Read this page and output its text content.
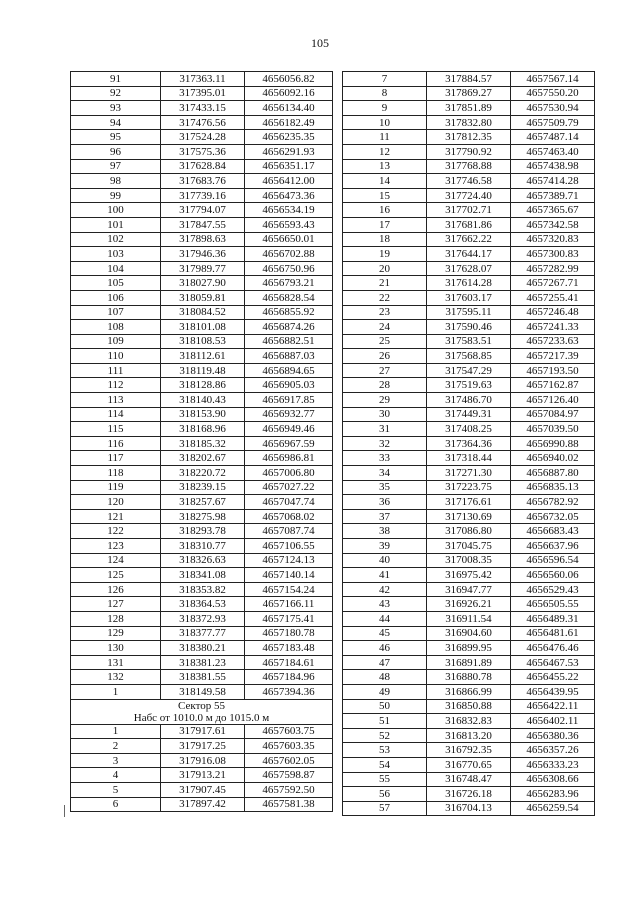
105
91	317363.11	4656056.82
92	317395.01	4656092.16
93	317433.15	4656134.40
94	317476.56	4656182.49
95	317524.28	4656235.35
96	317575.36	4656291.93
97	317628.84	4656351.17
98	317683.76	4656412.00
99	317739.16	4656473.36
100	317794.07	4656534.19
101	317847.55	4656593.43
102	317898.63	4656650.01
103	317946.36	4656702.88
104	317989.77	4656750.96
105	318027.90	4656793.21
106	318059.81	4656828.54
107	318084.52	4656855.92
108	318101.08	4656874.26
109	318108.53	4656882.51
110	318112.61	4656887.03
111	318119.48	4656894.65
112	318128.86	4656905.03
113	318140.43	4656917.85
114	318153.90	4656932.77
115	318168.96	4656949.46
116	318185.32	4656967.59
117	318202.67	4656986.81
118	318220.72	4657006.80
119	318239.15	4657027.22
120	318257.67	4657047.74
121	318275.98	4657068.02
122	318293.78	4657087.74
123	318310.77	4657106.55
124	318326.63	4657124.13
125	318341.08	4657140.14
126	318353.82	4657154.24
127	318364.53	4657166.11
128	318372.93	4657175.41
129	318377.77	4657180.78
130	318380.21	4657183.48
131	318381.23	4657184.61
132	318381.55	4657184.96
1	318149.58	4657394.36

Сектор 55
Набс от 1010.0 м до 1015.0 м		

1	317917.61	4657603.75
2	317917.25	4657603.35
3	317916.08	4657602.05
4	317913.21	4657598.87
5	317907.45	4657592.50
6	317897.42	4657581.38
7	317884.57	4657567.14
8	317869.27	4657550.20
9	317851.89	4657530.94
10	317832.80	4657509.79
11	317812.35	4657487.14
12	317790.92	4657463.40
13	317768.88	4657438.98
14	317746.58	4657414.28
15	317724.40	4657389.71
16	317702.71	4657365.67
17	317681.86	4657342.58
18	317662.22	4657320.83
19	317644.17	4657300.83
20	317628.07	4657282.99
21	317614.28	4657267.71
22	317603.17	4657255.41
23	317595.11	4657246.48
24	317590.46	4657241.33
25	317583.51	4657233.63
26	317568.85	4657217.39
27	317547.29	4657193.50
28	317519.63	4657162.87
29	317486.70	4657126.40
30	317449.31	4657084.97
31	317408.25	4657039.50
32	317364.36	4656990.88
33	317318.44	4656940.02
34	317271.30	4656887.80
35	317223.75	4656835.13
36	317176.61	4656782.92
37	317130.69	4656732.05
38	317086.80	4656683.43
39	317045.75	4656637.96
40	317008.35	4656596.54
41	316975.42	4656560.06
42	316947.77	4656529.43
43	316926.21	4656505.55
44	316911.54	4656489.31
45	316904.60	4656481.61
46	316899.95	4656476.46
47	316891.89	4656467.53
48	316880.78	4656455.22
49	316866.99	4656439.95
50	316850.88	4656422.11
51	316832.83	4656402.11
52	316813.20	4656380.36
53	316792.35	4656357.26
54	316770.65	4656333.23
55	316748.47	4656308.66
56	316726.18	4656283.96
57	316704.13	4656259.54
